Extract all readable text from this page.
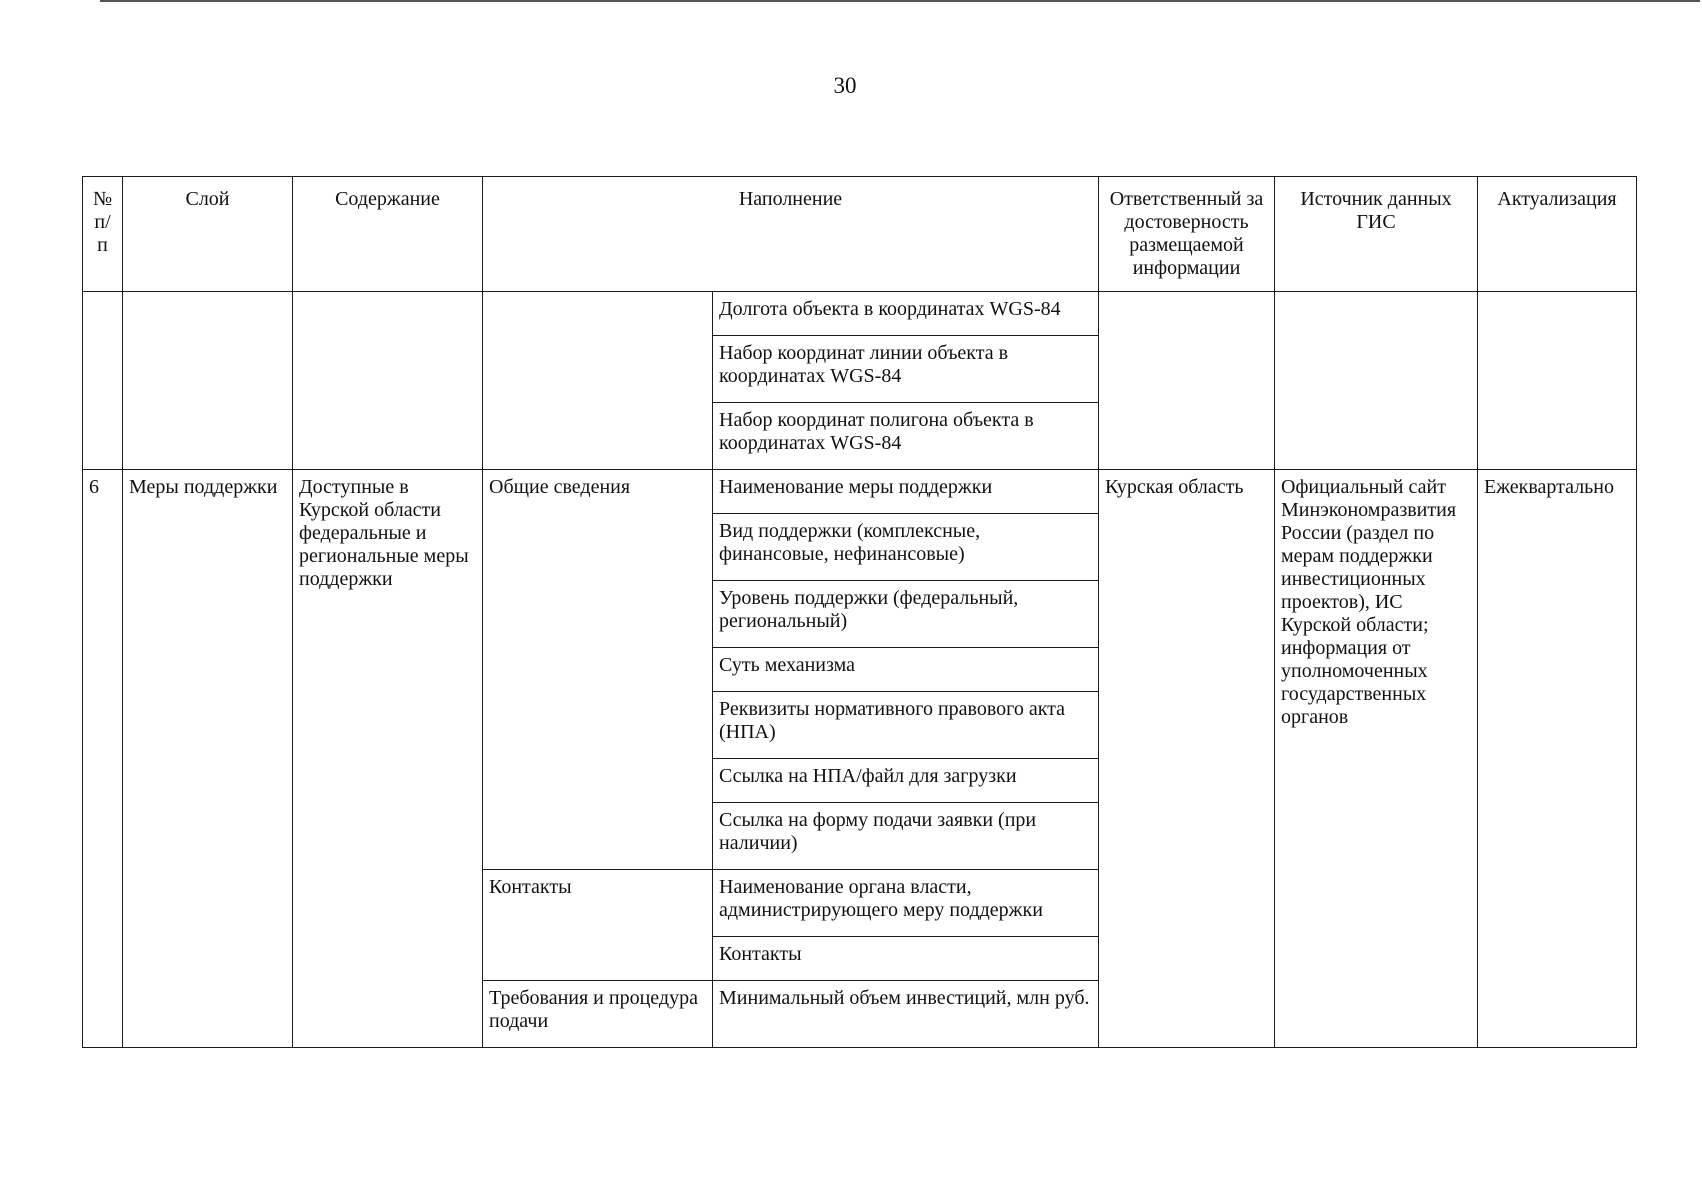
30
№ п/ п	Слой	Содержание	Наполнение		Ответственный за достоверность размещаемой информации	Источник данных ГИС	Актуализация
				Долгота объекта в координатах WGS-84			
				Набор координат линии объекта в координатах WGS-84			
				Набор координат полигона объекта в координатах WGS-84			
6	Меры поддержки	Доступные в Курской области федеральные и региональные меры поддержки	Общие сведения	Наименование меры поддержки	Курская область	Официальный сайт Минэкономразвития России (раздел по мерам поддержки инвестиционных проектов), ИС Курской области; информация от уполномоченных государственных органов	Ежеквартально
				Вид поддержки (комплексные, финансовые, нефинансовые)			
				Уровень поддержки (федеральный, региональный)			
				Суть механизма			
				Реквизиты нормативного правового акта (НПА)			
				Ссылка на НПА/файл для загрузки			
				Ссылка на форму подачи заявки (при наличии)			
			Контакты	Наименование органа власти, администрирующего меру поддержки			
				Контакты			
			Требования и процедура подачи	Минимальный объем инвестиций, млн руб.			
